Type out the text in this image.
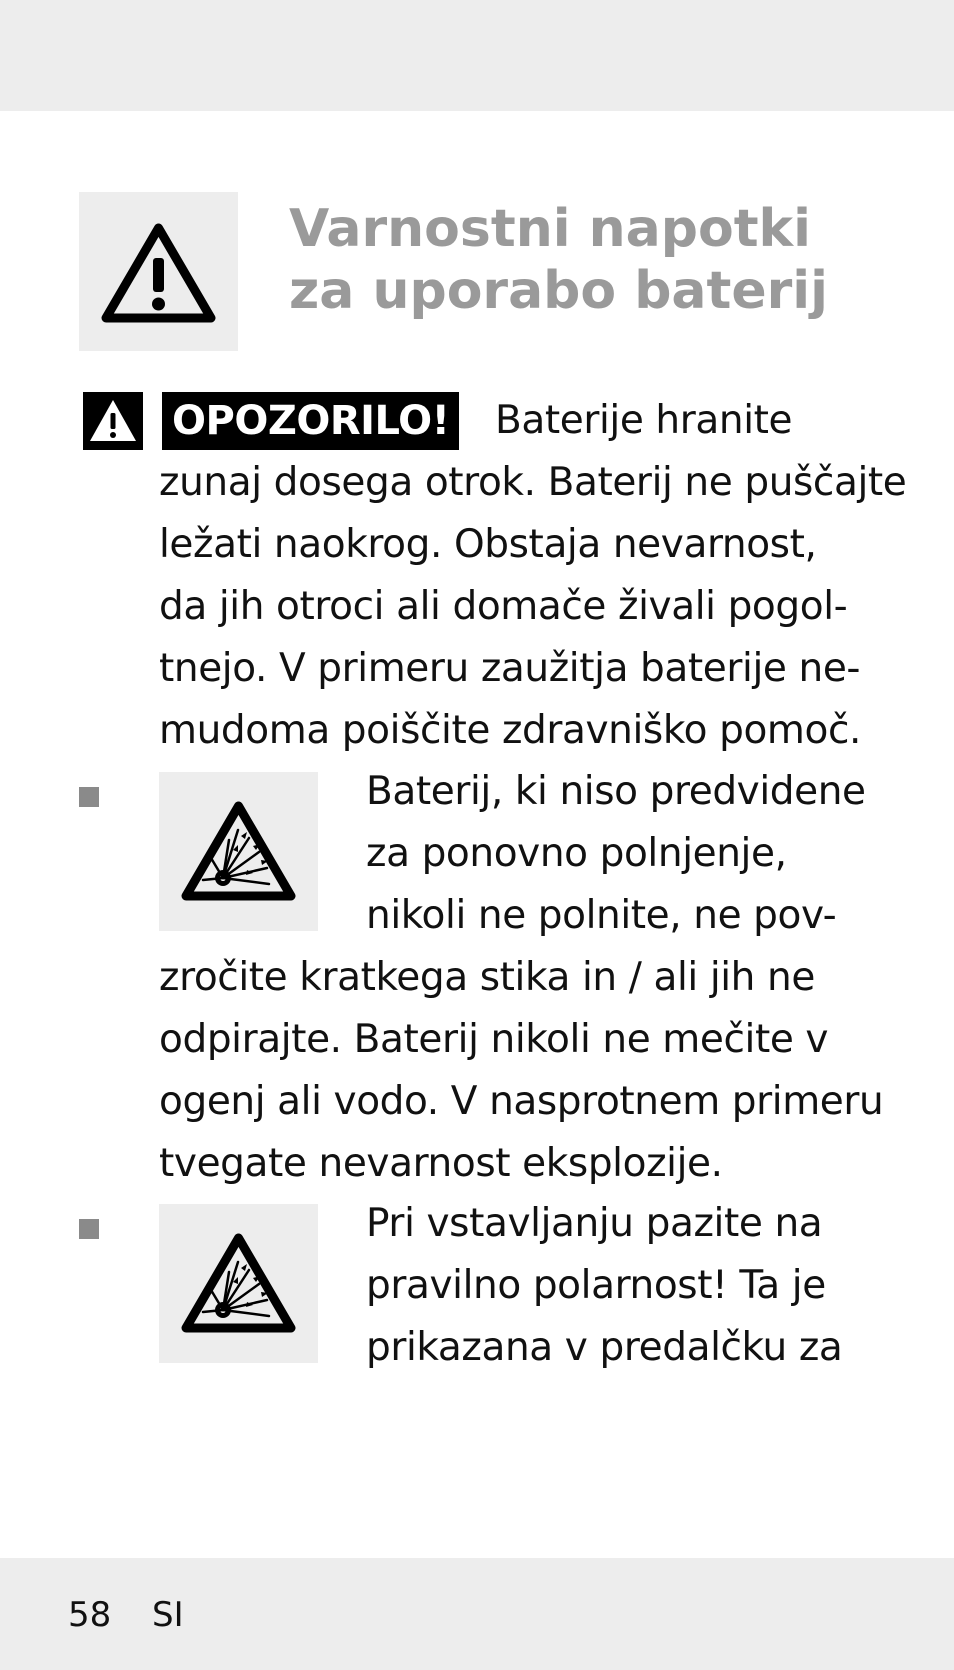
Varnostni napotki
za uporabo baterij
OPOZORILO! Baterije hranite

zunaj dosega otrok. Baterij ne puščajte

ležati naokrog. Obstaja nevarnost,

da jih otroci ali domače živali pogol-

tnejo. V primeru zaužitja baterije ne-

mudoma poiščite zdravniško pomoč.

Baterij, ki niso predvidene

za ponovno polnjenje,

nikoli ne polnite, ne pov-

zročite kratkega stika in / ali jih ne

odpirajte. Baterij nikoli ne mečite v

ogenj ali vodo. V nasprotnem primeru

tvegate nevarnost eksplozije.

Pri vstavljanju pazite na

pravilno polarnost! Ta je

prikazana v predalčku za

58 SI
